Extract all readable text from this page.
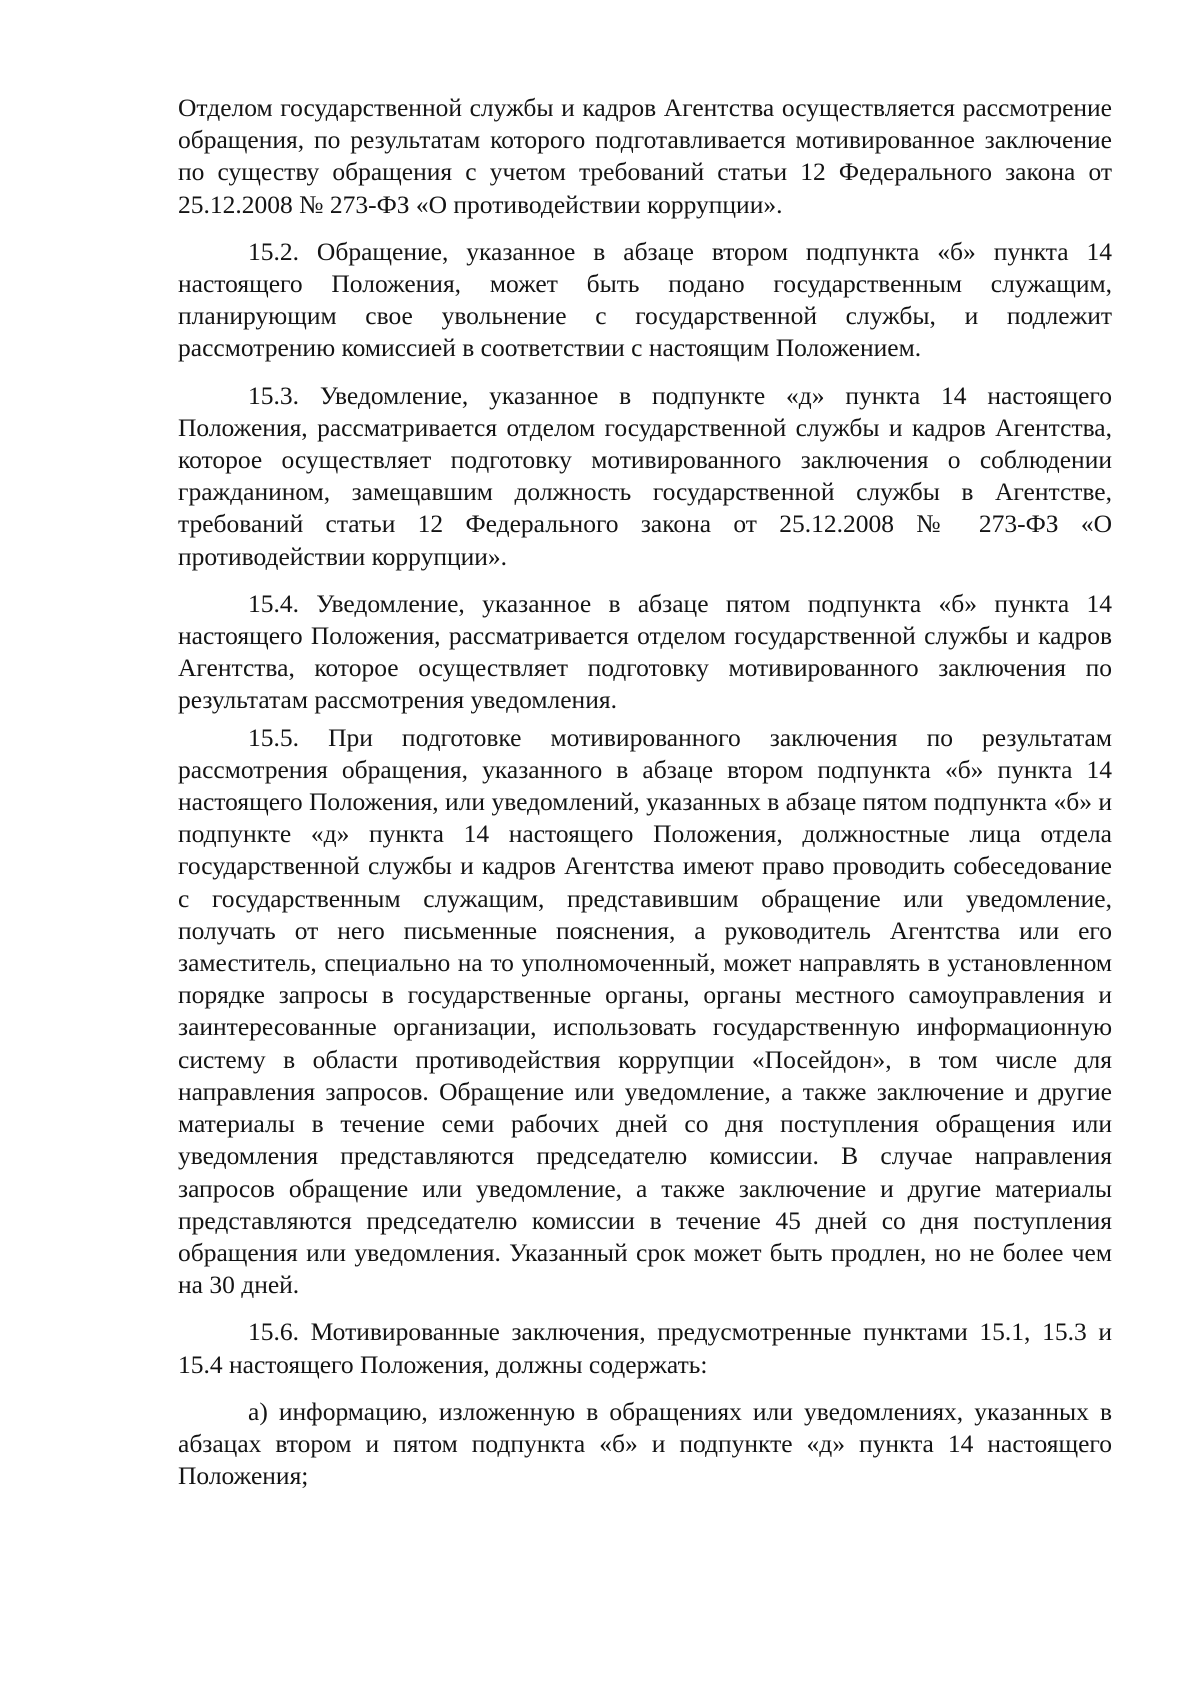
Отделом государственной службы и кадров Агентства осуществляется рассмотрение обращения, по результатам которого подготавливается мотивированное заключение по существу обращения с учетом требований статьи 12 Федерального закона от 25.12.2008 № 273-ФЗ «О противодействии коррупции».

15.2. Обращение, указанное в абзаце втором подпункта «б» пункта 14 настоящего Положения, может быть подано государственным служащим, планирующим свое увольнение с государственной службы, и подлежит рассмотрению комиссией в соответствии с настоящим Положением.

15.3. Уведомление, указанное в подпункте «д» пункта 14 настоящего Положения, рассматривается отделом государственной службы и кадров Агентства, которое осуществляет подготовку мотивированного заключения о соблюдении гражданином, замещавшим должность государственной службы в Агентстве, требований статьи 12 Федерального закона от 25.12.2008 № 273-ФЗ «О противодействии коррупции».

15.4. Уведомление, указанное в абзаце пятом подпункта «б» пункта 14 настоящего Положения, рассматривается отделом государственной службы и кадров Агентства, которое осуществляет подготовку мотивированного заключения по результатам рассмотрения уведомления.

15.5. При подготовке мотивированного заключения по результатам рассмотрения обращения, указанного в абзаце втором подпункта «б» пункта 14 настоящего Положения, или уведомлений, указанных в абзаце пятом подпункта «б» и подпункте «д» пункта 14 настоящего Положения, должностные лица отдела государственной службы и кадров Агентства имеют право проводить собеседование с государственным служащим, представившим обращение или уведомление, получать от него письменные пояснения, а руководитель Агентства или его заместитель, специально на то уполномоченный, может направлять в установленном порядке запросы в государственные органы, органы местного самоуправления и заинтересованные организации, использовать государственную информационную систему в области противодействия коррупции «Посейдон», в том числе для направления запросов. Обращение или уведомление, а также заключение и другие материалы в течение семи рабочих дней со дня поступления обращения или уведомления представляются председателю комиссии. В случае направления запросов обращение или уведомление, а также заключение и другие материалы представляются председателю комиссии в течение 45 дней со дня поступления обращения или уведомления. Указанный срок может быть продлен, но не более чем на 30 дней.

15.6. Мотивированные заключения, предусмотренные пунктами 15.1, 15.3 и 15.4 настоящего Положения, должны содержать:

а) информацию, изложенную в обращениях или уведомлениях, указанных в абзацах втором и пятом подпункта «б» и подпункте «д» пункта 14 настоящего Положения;
